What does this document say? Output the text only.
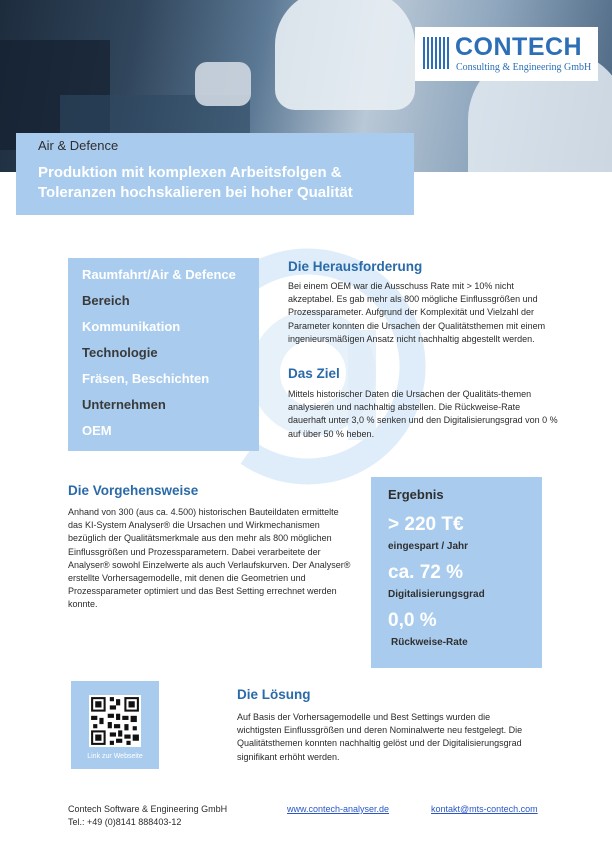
CONTECH
Consulting & Engineering GmbH
Air & Defence
Produktion mit komplexen Arbeitsfolgen & Toleranzen hochskalieren bei hoher Qualität
Raumfahrt/Air & Defence
Bereich
Kommunikation
Technologie
Fräsen, Beschichten
Unternehmen
OEM
Die Herausforderung
Bei einem OEM war die Ausschuss Rate mit > 10% nicht akzeptabel. Es gab mehr als 800 mögliche Einflussgrößen und Prozessparameter. Aufgrund der Komplexität und Vielzahl der Parameter konnten die Ursachen der Qualitätsthemen mit einem ingenieursmäßigen Ansatz nicht nachhaltig abgestellt werden.
Das Ziel
Mittels historischer Daten die Ursachen der Qualitäts-themen analysieren und nachhaltig abstellen. Die Rückweise-Rate dauerhaft unter 3,0 % senken und den Digitalisierungsgrad von 0 % auf über 50 % heben.
Die Vorgehensweise
Anhand von 300 (aus ca. 4.500) historischen Bauteildaten ermittelte das KI-System Analyser® die Ursachen und Wirkmechanismen bezüglich der Qualitätsmerkmale aus den mehr als 800 möglichen Einflussgrößen und Prozessparametern. Dabei verarbeitete der Analyser® sowohl Einzelwerte als auch Verlaufskurven. Der Analyser® erstellte Vorhersagemodelle, mit denen die Geometrien und Prozessparameter optimiert und das Best Setting errechnet werden konnte.
Ergebnis
> 220 T€
eingespart / Jahr
ca. 72 %
Digitalisierungsgrad
0,0 %
Rückweise-Rate
Link zur Webseite
Die Lösung
Auf Basis der Vorhersagemodelle und Best Settings wurden die wichtigsten Einflussgrößen und deren Nominalwerte neu festgelegt. Die Qualitätsthemen konnten nachhaltig gelöst und der Digitalisierungsgrad signifikant erhöht werden.
Contech Software & Engineering GmbH
Tel.: +49 (0)8141 888403-12
www.contech-analyser.de	kontakt@mts-contech.com
